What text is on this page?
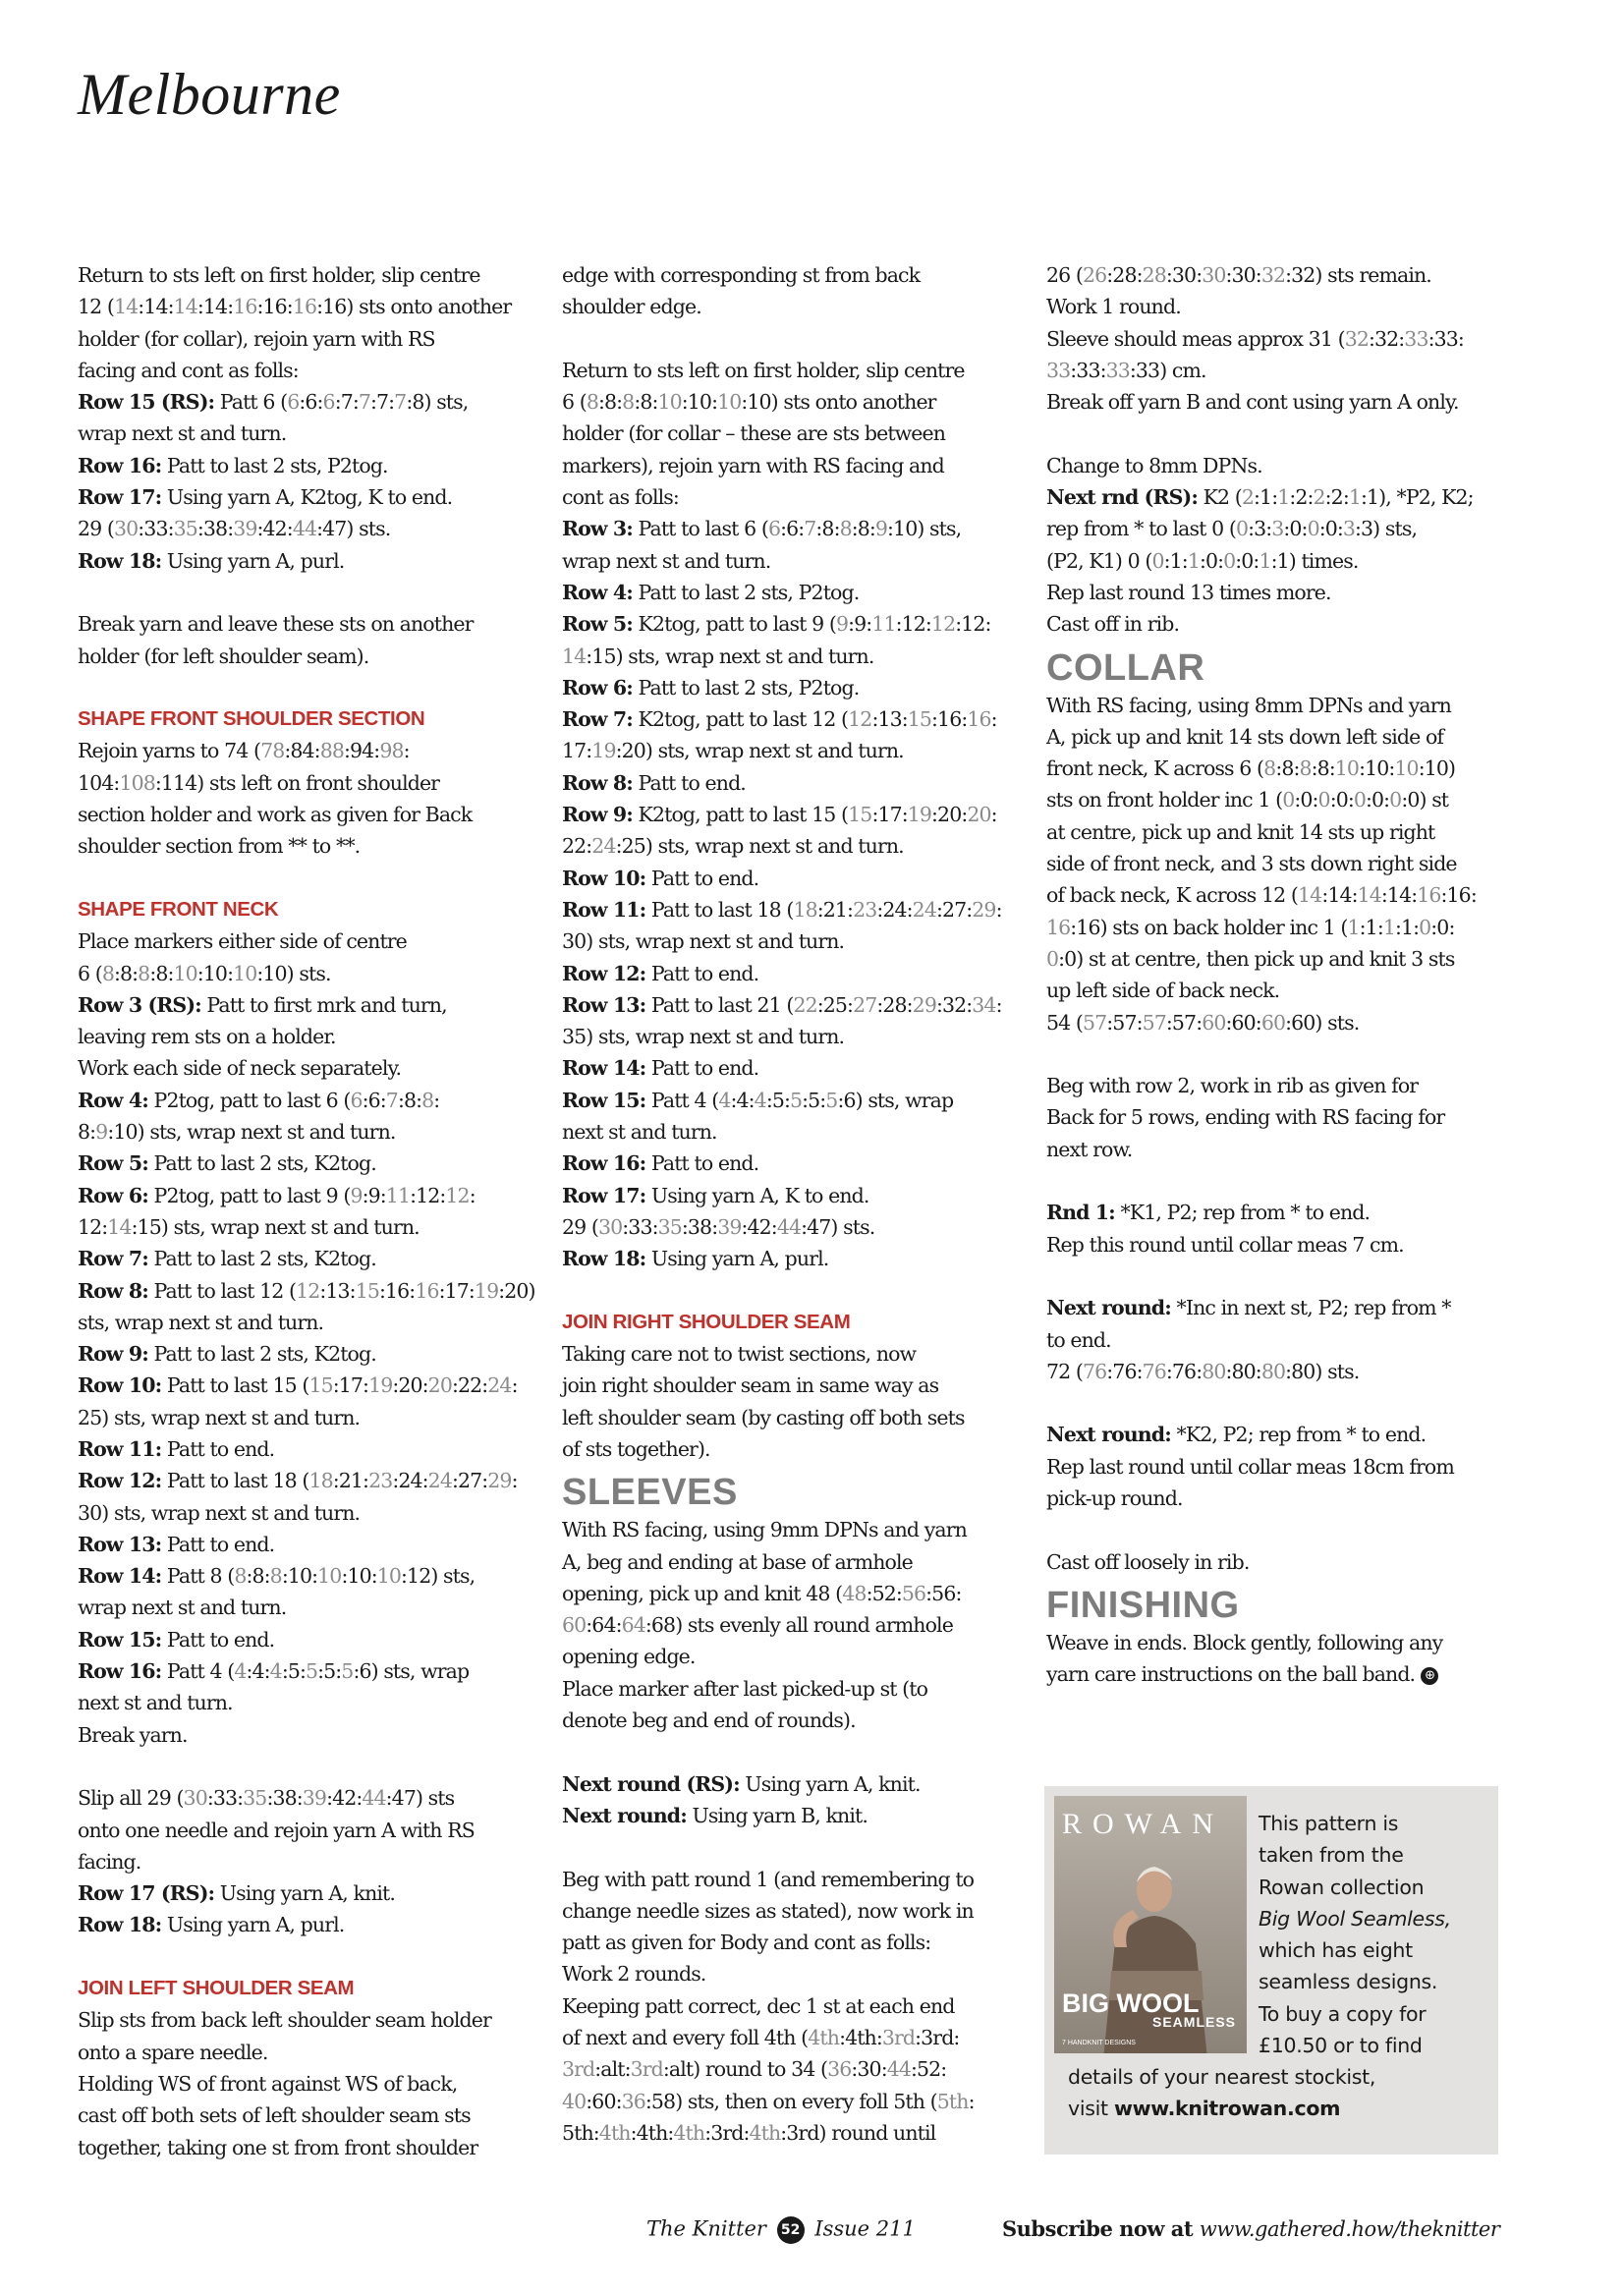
Melbourne
Return to sts left on first holder, slip centre
12 (14:14:14:14:16:16:16:16) sts onto another
holder (for collar), rejoin yarn with RS
facing and cont as folls:
Row 15 (RS): Patt 6 (6:6:6:7:7:7:7:8) sts,
wrap next st and turn.
Row 16: Patt to last 2 sts, P2tog.
Row 17: Using yarn A, K2tog, K to end.
29 (30:33:35:38:39:42:44:47) sts.
Row 18: Using yarn A, purl.
Break yarn and leave these sts on another
holder (for left shoulder seam).
SHAPE FRONT SHOULDER SECTION
Rejoin yarns to 74 (78:84:88:94:98:
104:108:114) sts left on front shoulder
section holder and work as given for Back
shoulder section from ** to **.
SHAPE FRONT NECK
Place markers either side of centre
6 (8:8:8:8:10:10:10:10) sts.
Row 3 (RS): Patt to first mrk and turn,
leaving rem sts on a holder.
Work each side of neck separately.
Row 4: P2tog, patt to last 6 (6:6:7:8:8:
8:9:10) sts, wrap next st and turn.
Row 5: Patt to last 2 sts, K2tog.
Row 6: P2tog, patt to last 9 (9:9:11:12:12:
12:14:15) sts, wrap next st and turn.
Row 7: Patt to last 2 sts, K2tog.
Row 8: Patt to last 12 (12:13:15:16:16:17:19:20)
sts, wrap next st and turn.
Row 9: Patt to last 2 sts, K2tog.
Row 10: Patt to last 15 (15:17:19:20:20:22:24:
25) sts, wrap next st and turn.
Row 11: Patt to end.
Row 12: Patt to last 18 (18:21:23:24:24:27:29:
30) sts, wrap next st and turn.
Row 13: Patt to end.
Row 14: Patt 8 (8:8:8:10:10:10:10:12) sts,
wrap next st and turn.
Row 15: Patt to end.
Row 16: Patt 4 (4:4:4:5:5:5:5:6) sts, wrap
next st and turn.
Break yarn.
Slip all 29 (30:33:35:38:39:42:44:47) sts
onto one needle and rejoin yarn A with RS
facing.
Row 17 (RS): Using yarn A, knit.
Row 18: Using yarn A, purl.
JOIN LEFT SHOULDER SEAM
Slip sts from back left shoulder seam holder
onto a spare needle.
Holding WS of front against WS of back,
cast off both sets of left shoulder seam sts
together, taking one st from front shoulder
edge with corresponding st from back
shoulder edge.
Return to sts left on first holder, slip centre
6 (8:8:8:8:10:10:10:10) sts onto another
holder (for collar – these are sts between
markers), rejoin yarn with RS facing and
cont as folls:
Row 3: Patt to last 6 (6:6:7:8:8:8:9:10) sts,
wrap next st and turn.
Row 4: Patt to last 2 sts, P2tog.
Row 5: K2tog, patt to last 9 (9:9:11:12:12:12:
14:15) sts, wrap next st and turn.
Row 6: Patt to last 2 sts, P2tog.
Row 7: K2tog, patt to last 12 (12:13:15:16:16:
17:19:20) sts, wrap next st and turn.
Row 8: Patt to end.
Row 9: K2tog, patt to last 15 (15:17:19:20:20:
22:24:25) sts, wrap next st and turn.
Row 10: Patt to end.
Row 11: Patt to last 18 (18:21:23:24:24:27:29:
30) sts, wrap next st and turn.
Row 12: Patt to end.
Row 13: Patt to last 21 (22:25:27:28:29:32:34:
35) sts, wrap next st and turn.
Row 14: Patt to end.
Row 15: Patt 4 (4:4:4:5:5:5:5:6) sts, wrap
next st and turn.
Row 16: Patt to end.
Row 17: Using yarn A, K to end.
29 (30:33:35:38:39:42:44:47) sts.
Row 18: Using yarn A, purl.
JOIN RIGHT SHOULDER SEAM
Taking care not to twist sections, now
join right shoulder seam in same way as
left shoulder seam (by casting off both sets
of sts together).
SLEEVES
With RS facing, using 9mm DPNs and yarn
A, beg and ending at base of armhole
opening, pick up and knit 48 (48:52:56:56:
60:64:64:68) sts evenly all round armhole
opening edge.
Place marker after last picked-up st (to
denote beg and end of rounds).
Next round (RS): Using yarn A, knit.
Next round: Using yarn B, knit.
Beg with patt round 1 (and remembering to
change needle sizes as stated), now work in
patt as given for Body and cont as folls:
Work 2 rounds.
Keeping patt correct, dec 1 st at each end
of next and every foll 4th (4th:4th:3rd:3rd:
3rd:alt:3rd:alt) round to 34 (36:30:44:52:
40:60:36:58) sts, then on every foll 5th (5th:
5th:4th:4th:4th:3rd:4th:3rd) round until
26 (26:28:28:30:30:30:32:32) sts remain.
Work 1 round.
Sleeve should meas approx 31 (32:32:33:33:
33:33:33:33) cm.
Break off yarn B and cont using yarn A only.
Change to 8mm DPNs.
Next rnd (RS): K2 (2:1:1:2:2:2:1:1), *P2, K2;
rep from * to last 0 (0:3:3:0:0:0:3:3) sts,
(P2, K1) 0 (0:1:1:0:0:0:1:1) times.
Rep last round 13 times more.
Cast off in rib.
COLLAR
With RS facing, using 8mm DPNs and yarn
A, pick up and knit 14 sts down left side of
front neck, K across 6 (8:8:8:8:10:10:10:10)
sts on front holder inc 1 (0:0:0:0:0:0:0:0) st
at centre, pick up and knit 14 sts up right
side of front neck, and 3 sts down right side
of back neck, K across 12 (14:14:14:14:16:16:
16:16) sts on back holder inc 1 (1:1:1:1:0:0:
0:0) st at centre, then pick up and knit 3 sts
up left side of back neck.
54 (57:57:57:57:60:60:60:60) sts.
Beg with row 2, work in rib as given for
Back for 5 rows, ending with RS facing for
next row.
Rnd 1: *K1, P2; rep from * to end.
Rep this round until collar meas 7 cm.
Next round: *Inc in next st, P2; rep from *
to end.
72 (76:76:76:76:80:80:80:80) sts.
Next round: *K2, P2; rep from * to end.
Rep last round until collar meas 18cm from
pick-up round.
Cast off loosely in rib.
FINISHING
Weave in ends. Block gently, following any
yarn care instructions on the ball band. ⊕
ROWAN
BIG WOOL
SEAMLESS
7 HANDKNIT DESIGNS
This pattern is
taken from the
Rowan collection
Big Wool Seamless,
which has eight
seamless designs.
To buy a copy for
£10.50 or to find
details of your nearest stockist,
visit www.knitrowan.com
The Knitter 52 Issue 211	Subscribe now at www.gathered.how/theknitter
